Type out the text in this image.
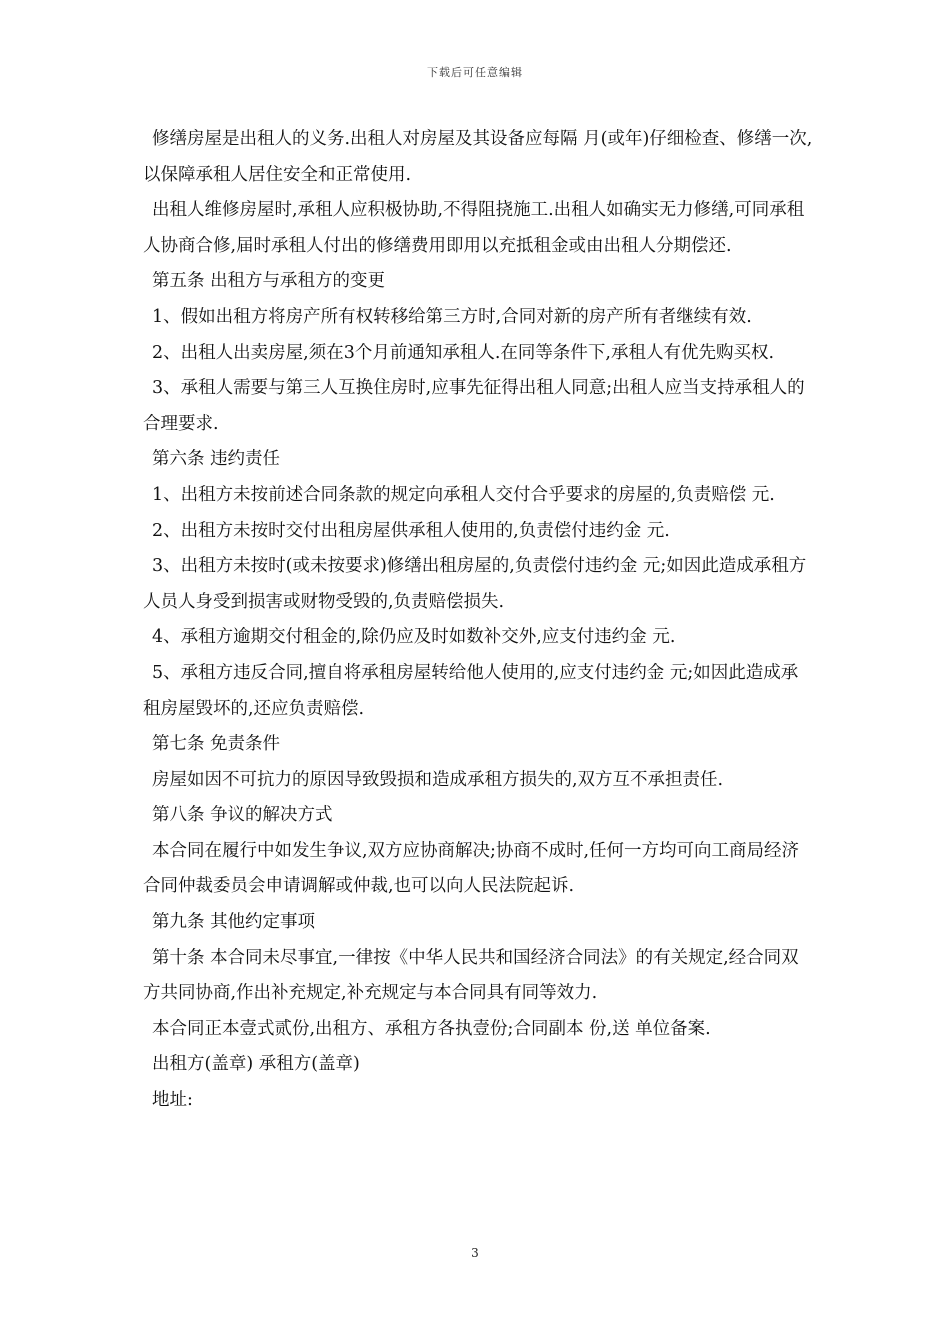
下载后可任意编辑

修缮房屋是出租人的义务.出租人对房屋及其设备应每隔 月(或年)仔细检查、修缮一次,以保障承租人居住安全和正常使用.

出租人维修房屋时,承租人应积极协助,不得阻挠施工.出租人如确实无力修缮,可同承租人协商合修,届时承租人付出的修缮费用即用以充抵租金或由出租人分期偿还.

第五条 出租方与承租方的变更

1、假如出租方将房产所有权转移给第三方时,合同对新的房产所有者继续有效.

2、出租人出卖房屋,须在3个月前通知承租人.在同等条件下,承租人有优先购买权.

3、承租人需要与第三人互换住房时,应事先征得出租人同意;出租人应当支持承租人的合理要求.

第六条 违约责任

1、出租方未按前述合同条款的规定向承租人交付合乎要求的房屋的,负责赔偿 元.

2、出租方未按时交付出租房屋供承租人使用的,负责偿付违约金 元.

3、出租方未按时(或未按要求)修缮出租房屋的,负责偿付违约金 元;如因此造成承租方人员人身受到损害或财物受毁的,负责赔偿损失.

4、承租方逾期交付租金的,除仍应及时如数补交外,应支付违约金 元.

5、承租方违反合同,擅自将承租房屋转给他人使用的,应支付违约金 元;如因此造成承租房屋毁坏的,还应负责赔偿.

第七条 免责条件

房屋如因不可抗力的原因导致毁损和造成承租方损失的,双方互不承担责任.

第八条 争议的解决方式

本合同在履行中如发生争议,双方应协商解决;协商不成时,任何一方均可向工商局经济合同仲裁委员会申请调解或仲裁,也可以向人民法院起诉.

第九条 其他约定事项

第十条 本合同未尽事宜,一律按《中华人民共和国经济合同法》的有关规定,经合同双方共同协商,作出补充规定,补充规定与本合同具有同等效力.

本合同正本壹式贰份,出租方、承租方各执壹份;合同副本 份,送 单位备案.

出租方(盖章) 承租方(盖章)

地址:

3
